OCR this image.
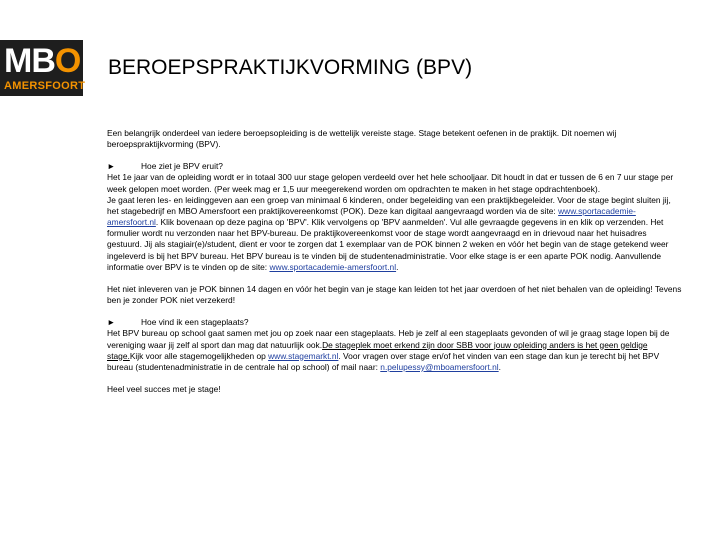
MBO
AMERSFOORT
BEROEPSPRAKTIJKVORMING (BPV)

Een belangrijk onderdeel van iedere beroepsopleiding is de wettelijk vereiste stage. Stage betekent oefenen in de praktijk. Dit noemen wij beroepspraktijkvorming (BPV).

►	Hoe ziet je BPV eruit?

Het 1e jaar van de opleiding wordt er in totaal 300 uur stage gelopen verdeeld over het hele schooljaar. Dit houdt in dat er tussen de 6 en 7 uur stage per week gelopen moet worden. (Per week mag er 1,5 uur meegerekend worden om opdrachten te maken in het stage opdrachtenboek).

Je gaat leren les- en leidinggeven aan een groep van minimaal 6 kinderen, onder begeleiding van een praktijkbegeleider. Voor de stage begint sluiten jij, het stagebedrijf en MBO Amersfoort een praktijkovereenkomst (POK). Deze kan digitaal aangevraagd worden via de site: www.sportacademie-amersfoort.nl. Klik bovenaan op deze pagina op 'BPV'. Klik vervolgens op 'BPV aanmelden'. Vul alle gevraagde gegevens in en klik op verzenden. Het formulier wordt nu verzonden naar het BPV-bureau. De praktijkovereenkomst voor de stage wordt aangevraagd en in drievoud naar het huisadres gestuurd. Jij als stagiair(e)/student, dient er voor te zorgen dat 1 exemplaar van de POK binnen 2 weken en vóór het begin van de stage getekend weer ingeleverd is bij het BPV bureau. Het BPV bureau is te vinden bij de studentenadministratie. Voor elke stage is er een aparte POK nodig. Aanvullende informatie over BPV is te vinden op de site: www.sportacademie-amersfoort.nl.

Het niet inleveren van je POK binnen 14 dagen en vóór het begin van je stage kan leiden tot het jaar overdoen of het niet behalen van de opleiding! Tevens ben je zonder POK niet verzekerd!

►	Hoe vind ik een stageplaats?

Het BPV bureau op school gaat samen met jou op zoek naar een stageplaats. Heb je zelf al een stageplaats gevonden of wil je graag stage lopen bij de vereniging waar jij zelf al sport dan mag dat natuurlijk ook.De stageplek moet erkend zijn door SBB voor jouw opleiding anders is het geen geldige stage.Kijk voor alle stagemogelijkheden op www.stagemarkt.nl. Voor vragen over stage en/of het vinden van een stage dan kun je terecht bij het BPV bureau (studentenadministratie in de centrale hal op school) of mail naar: n.pelupessy@mboamersfoort.nl.

Heel veel succes met je stage!
